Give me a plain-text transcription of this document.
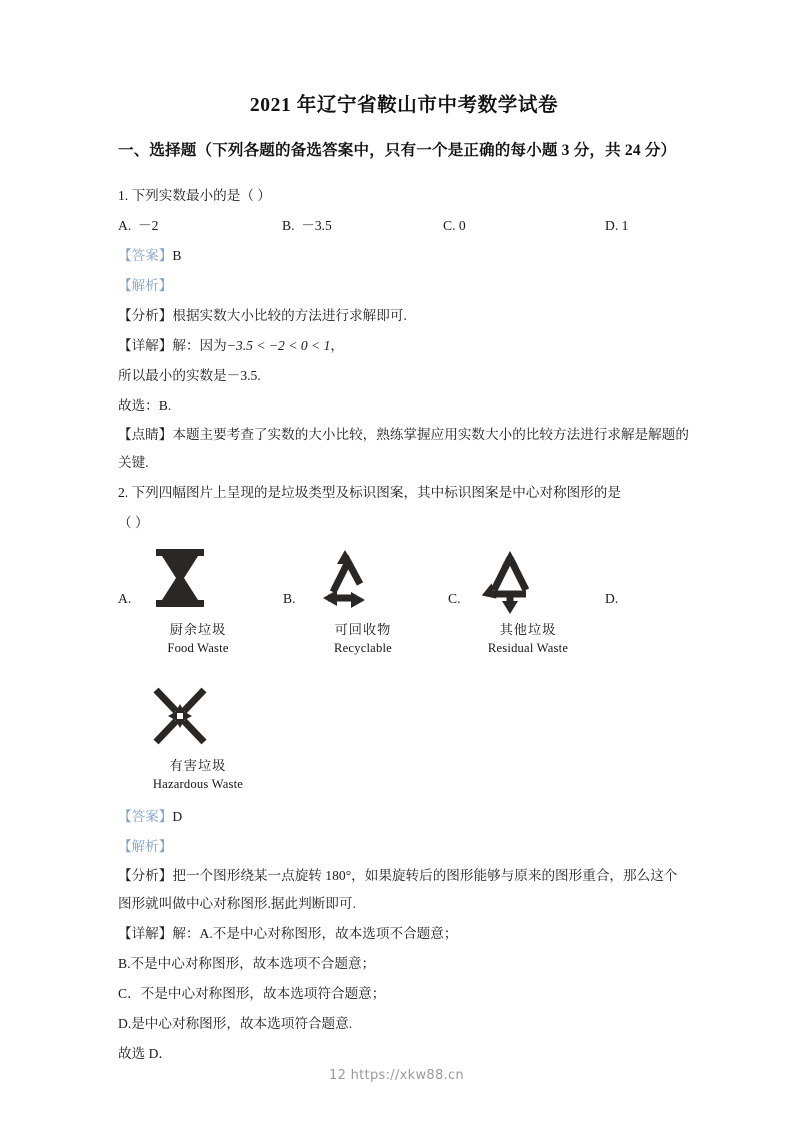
2021 年辽宁省鞍山市中考数学试卷
一、选择题（下列各题的备选答案中，只有一个是正确的每小题 3 分，共 24 分）
1. 下列实数最小的是（ ）
A. －2	B. －3.5	C. 0	D. 1
【答案】B
【解析】
【分析】根据实数大小比较的方法进行求解即可.
【详解】解：因为−3.5 < −2 < 0 < 1，
所以最小的实数是－3.5.
故选：B.
【点睛】本题主要考查了实数的大小比较，熟练掌握应用实数大小的比较方法进行求解是解题的关键.
2. 下列四幅图片上呈现的是垃圾类型及标识图案，其中标识图案是中心对称图形的是
（ ）
A.
厨余垃圾
Food Waste
B.
可回收物
Recyclable
C.
其他垃圾
Residual Waste
D.
有害垃圾
Hazardous Waste
【答案】D
【解析】
【分析】把一个图形绕某一点旋转 180°，如果旋转后的图形能够与原来的图形重合，那么这个图形就叫做中心对称图形.据此判断即可.
【详解】解：A.不是中心对称图形，故本选项不合题意；
B.不是中心对称图形，故本选项不合题意；
C．不是中心对称图形，故本选项符合题意；
D.是中心对称图形，故本选项符合题意.
故选 D．
12 https://xkw88.cn
